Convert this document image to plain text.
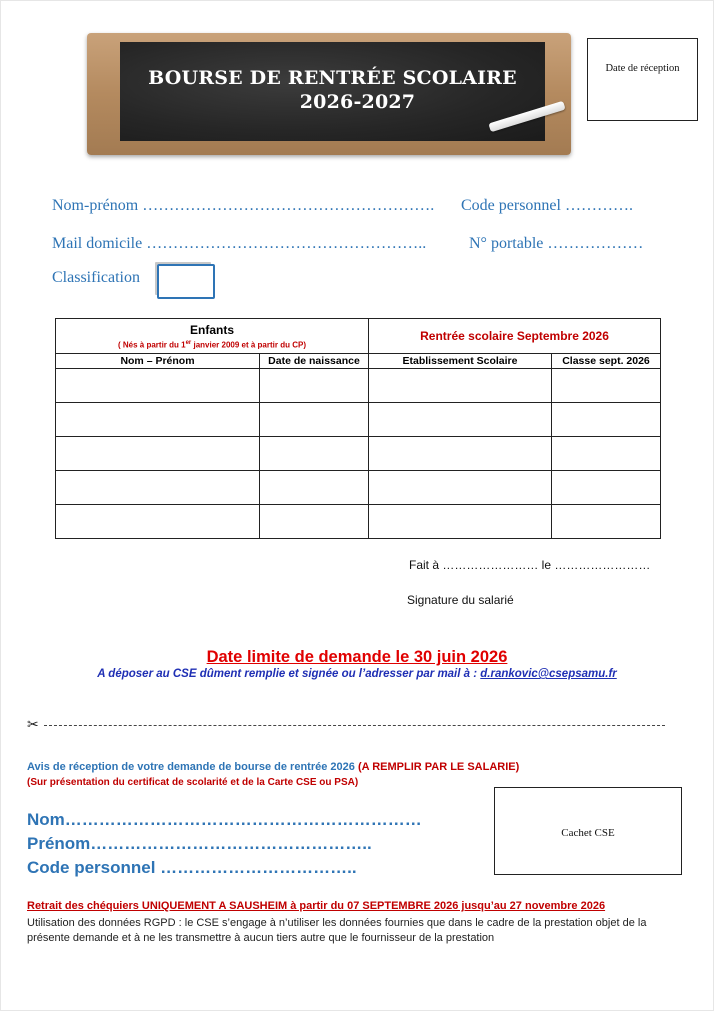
BOURSE DE RENTRÉE SCOLAIRE
2026-2027
Date de réception
Nom-prénom ………………………………………………. Code personnel ………….
Mail domicile ……………………………………………..	N° portable ………………
Classification
Enfants
( Nés à partir du 1er janvier 2009 et à partir du CP)		Rentrée scolaire Septembre 2026	
Nom – Prénom	Date de naissance	Etablissement Scolaire	Classe sept. 2026

Fait à …………………… le ……………………
Signature du salarié
Date limite de demande le 30 juin 2026
A déposer au CSE dûment remplie et signée ou l’adresser par mail à : d.rankovic@csepsamu.fr
✂
Avis de réception de votre demande de bourse de rentrée 2026 (A REMPLIR PAR LE SALARIE)
(Sur présentation du certificat de scolarité et de la Carte CSE ou PSA)
Cachet CSE
Nom………………………………………………………
Prénom…………………………………………..
Code personnel ……………………………..
Retrait des chéquiers UNIQUEMENT A SAUSHEIM à partir du 07 SEPTEMBRE 2026 jusqu’au 27 novembre 2026
Utilisation des données RGPD : le CSE s’engage à n’utiliser les données fournies que dans le cadre de la prestation objet de la présente demande et à ne les transmettre à aucun tiers autre que le fournisseur de la prestation
